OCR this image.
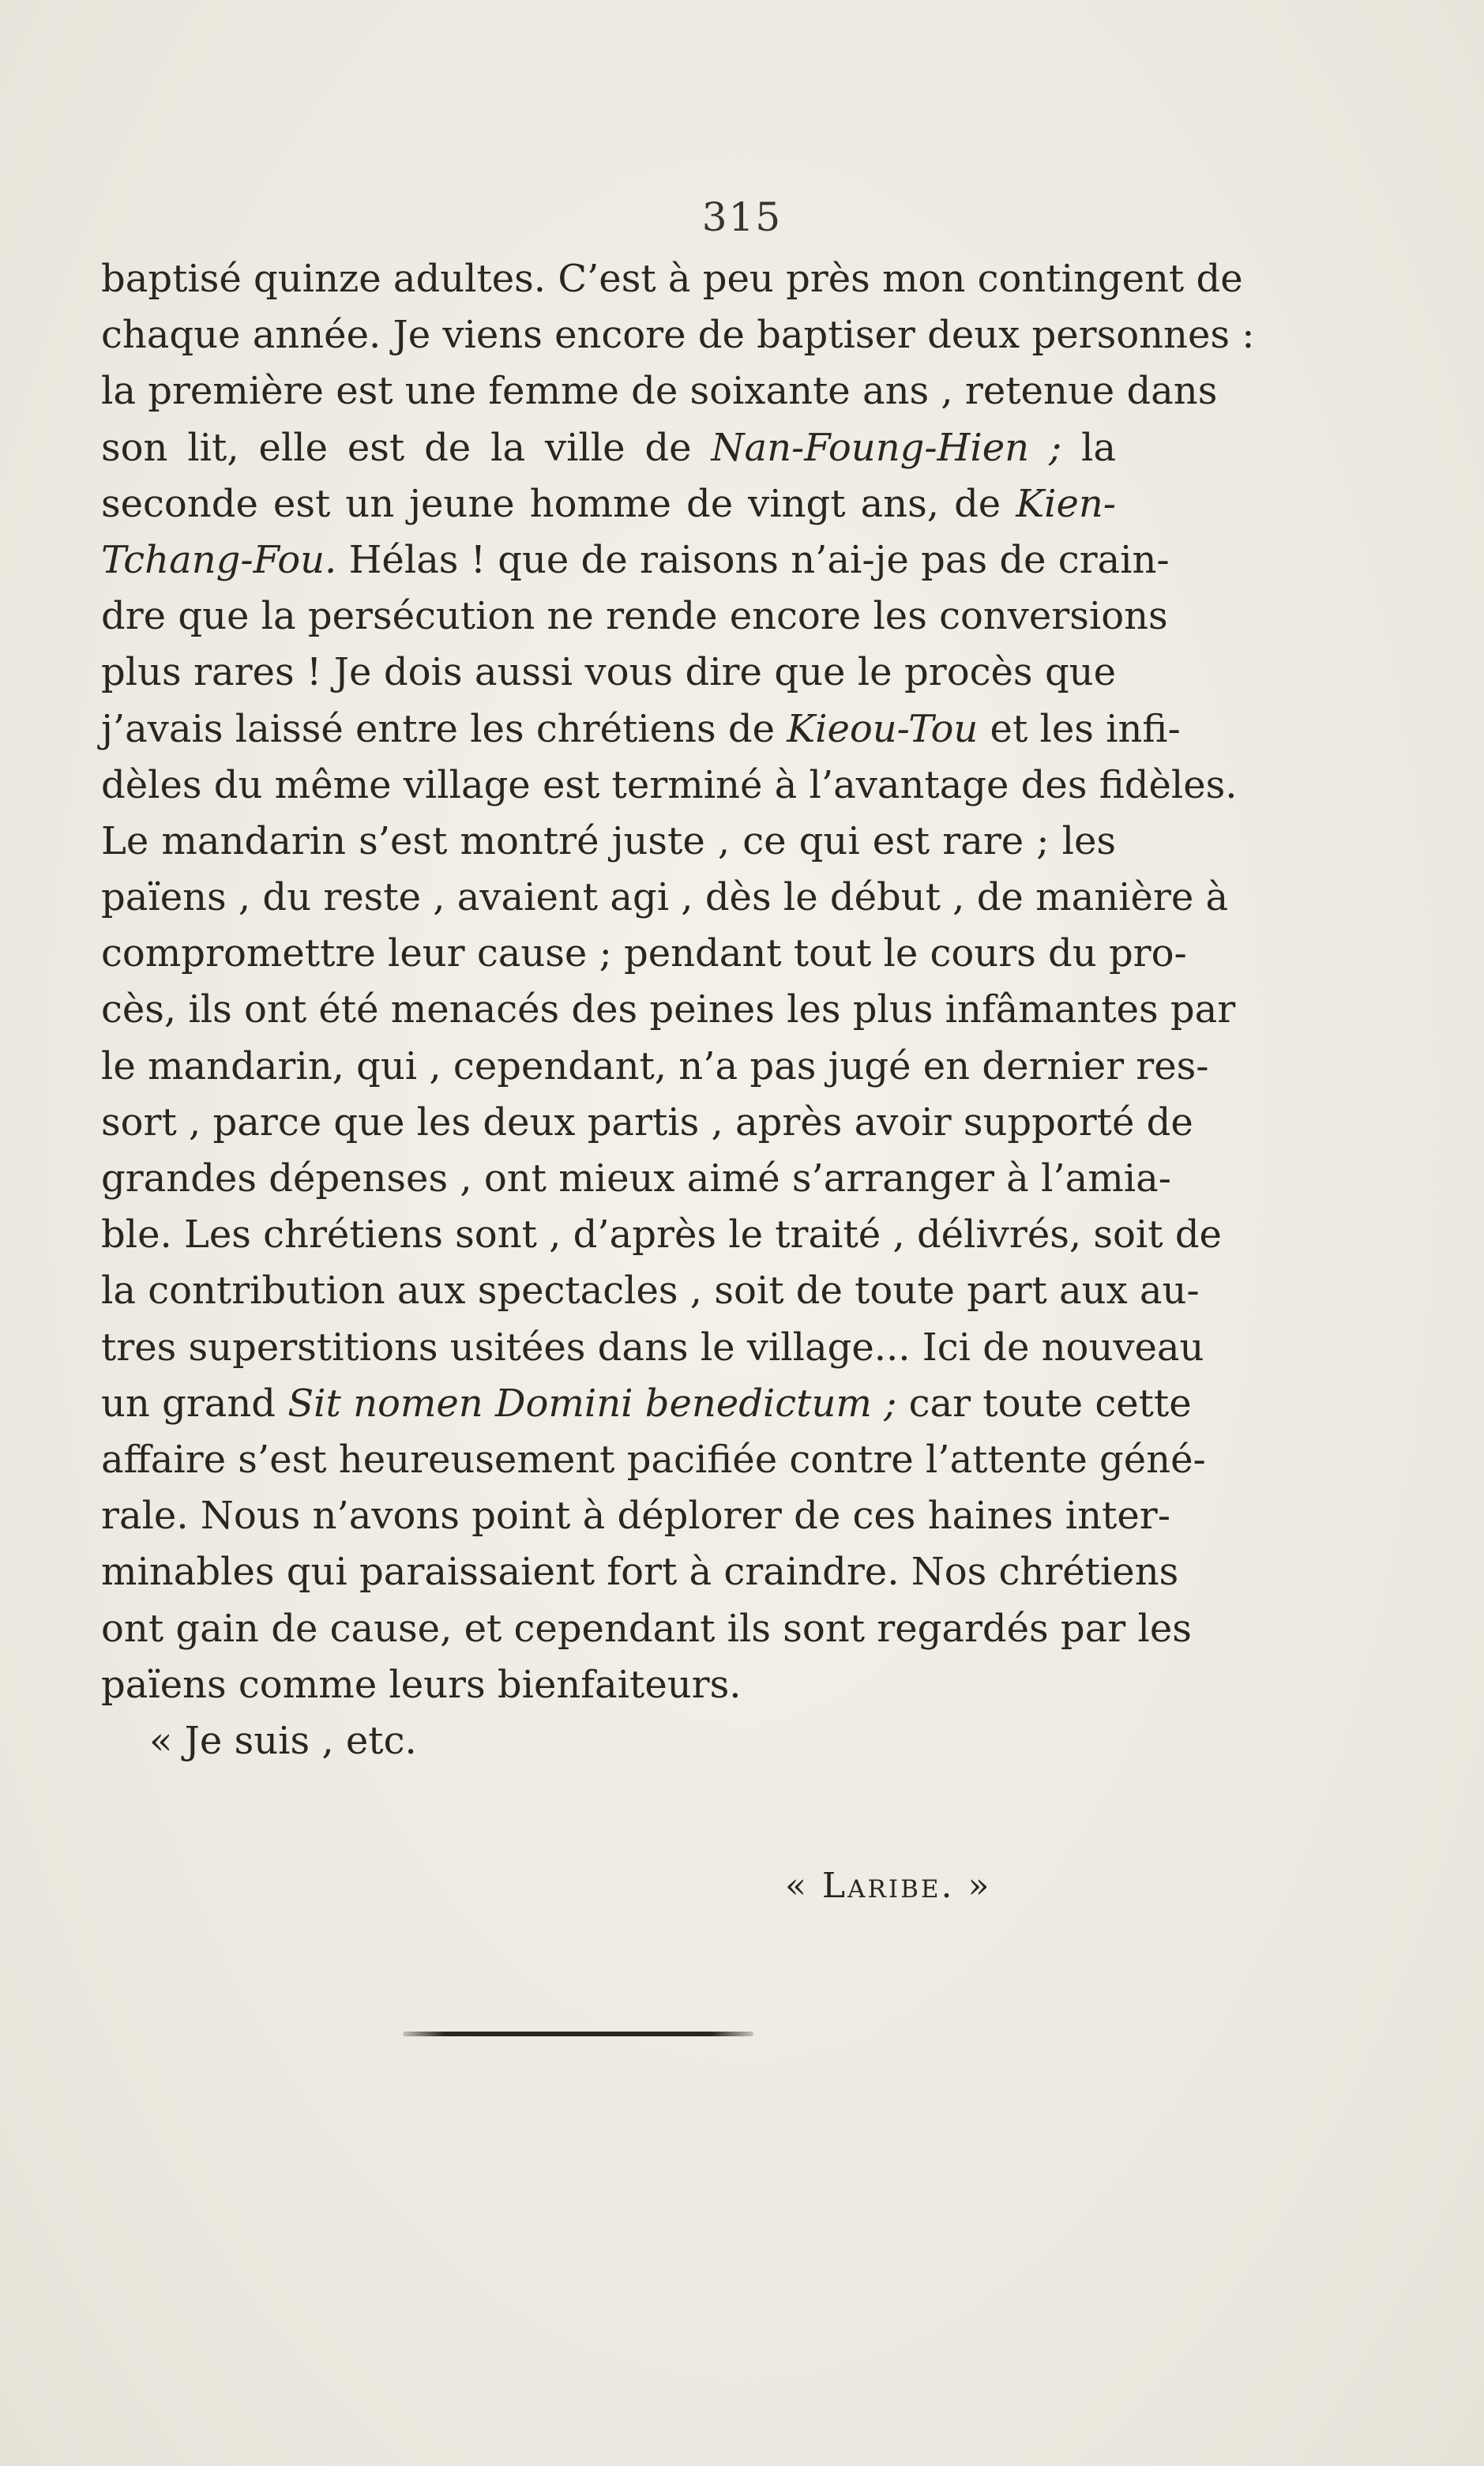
315
baptisé quinze adultes. C’est à peu près mon contingent de
chaque année. Je viens encore de baptiser deux personnes :
la première est une femme de soixante ans , retenue dans
son lit, elle est de la ville de Nan-Foung-Hien ; la
seconde est un jeune homme de vingt ans, de Kien-
Tchang-Fou. Hélas ! que de raisons n’ai-je pas de crain-
dre que la persécution ne rende encore les conversions
plus rares ! Je dois aussi vous dire que le procès que
j’avais laissé entre les chrétiens de Kieou-Tou et les infi-
dèles du même village est terminé à l’avantage des fidèles.
Le mandarin s’est montré juste , ce qui est rare ; les
païens , du reste , avaient agi , dès le début , de manière à
compromettre leur cause ; pendant tout le cours du pro-
cès, ils ont été menacés des peines les plus infâmantes par
le mandarin, qui , cependant, n’a pas jugé en dernier res-
sort , parce que les deux partis , après avoir supporté de
grandes dépenses , ont mieux aimé s’arranger à l’amia-
ble. Les chrétiens sont , d’après le traité , délivrés, soit de
la contribution aux spectacles , soit de toute part aux au-
tres superstitions usitées dans le village... Ici de nouveau
un grand Sit nomen Domini benedictum ; car toute cette
affaire s’est heureusement pacifiée contre l’attente géné-
rale. Nous n’avons point à déplorer de ces haines inter-
minables qui paraissaient fort à craindre. Nos chrétiens
ont gain de cause, et cependant ils sont regardés par les
païens comme leurs bienfaiteurs.
« Je suis , etc.
« Laribe. »
